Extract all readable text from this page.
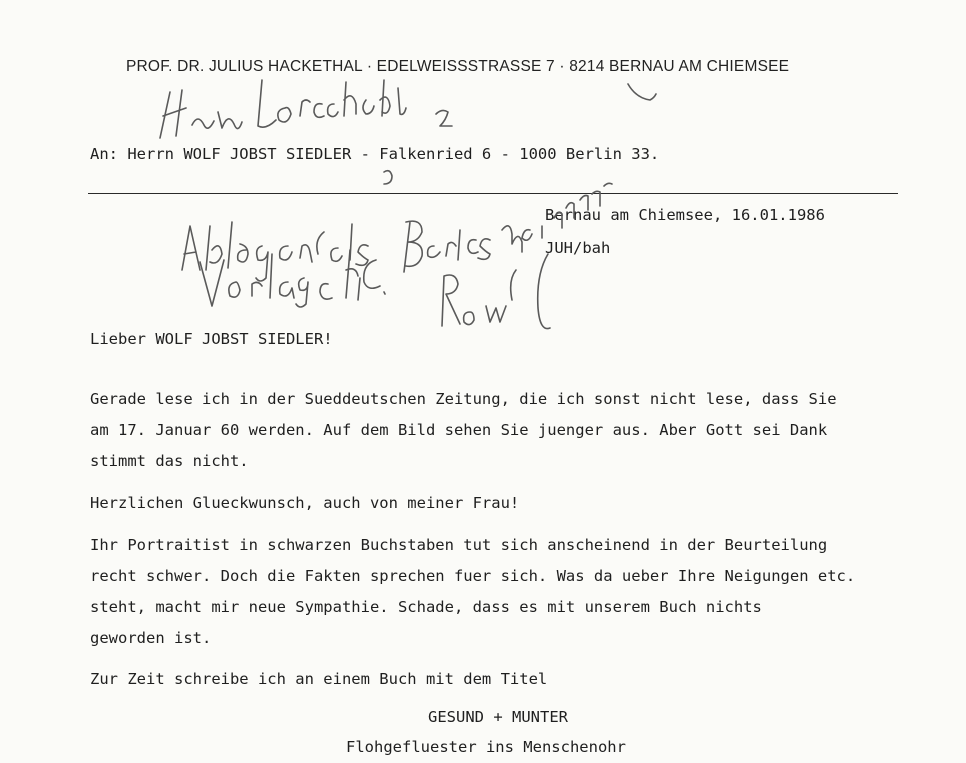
PROF. DR. JULIUS HACKETHAL · EDELWEISSSTRASSE 7 · 8214 BERNAU AM CHIEMSEE
An: Herrn WOLF JOBST SIEDLER - Falkenried 6 - 1000 Berlin 33.
Bernau am Chiemsee, 16.01.1986
JUH/bah
Lieber WOLF JOBST SIEDLER!
Gerade lese ich in der Sueddeutschen Zeitung, die ich sonst nicht lese, dass Sie
am 17. Januar 60 werden. Auf dem Bild sehen Sie juenger aus. Aber Gott sei Dank
stimmt das nicht.
Herzlichen Glueckwunsch, auch von meiner Frau!
Ihr Portraitist in schwarzen Buchstaben tut sich anscheinend in der Beurteilung
recht schwer. Doch die Fakten sprechen fuer sich. Was da ueber Ihre Neigungen etc.
steht, macht mir neue Sympathie. Schade, dass es mit unserem Buch nichts
geworden ist.
Zur Zeit schreibe ich an einem Buch mit dem Titel
GESUND + MUNTER
Flohgefluester ins Menschenohr
